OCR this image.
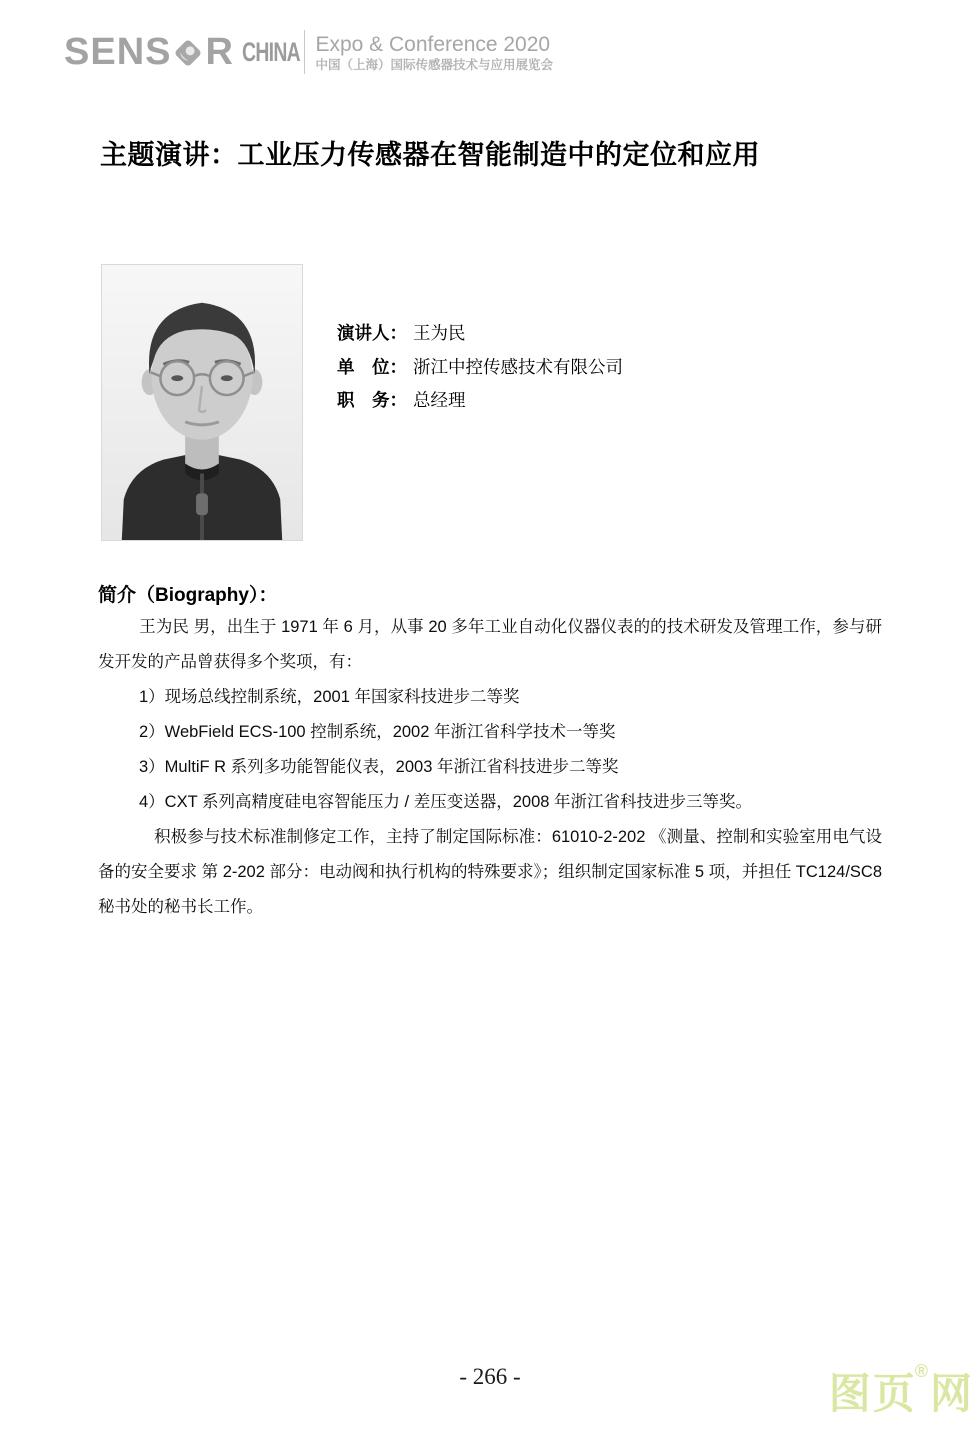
SENS R CHINA Expo & Conference 2020
中国（上海）国际传感器技术与应用展览会
主题演讲：工业压力传感器在智能制造中的定位和应用
演讲人： 王为民
单　位： 浙江中控传感技术有限公司
职　务： 总经理
简介（Biography）：

王为民 男，出生于 1971 年 6 月，从事 20 多年工业自动化仪器仪表的的技术研发及管理工作，参与研发开发的产品曾获得多个奖项，有：

1）现场总线控制系统，2001 年国家科技进步二等奖
2）WebField ECS-100 控制系统，2002 年浙江省科学技术一等奖
3）MultiF R 系列多功能智能仪表，2003 年浙江省科技进步二等奖
4）CXT 系列高精度硅电容智能压力 / 差压变送器，2008 年浙江省科技进步三等奖。

积极参与技术标准制修定工作，主持了制定国际标准：61010-2-202 《测量、控制和实验室用电气设备的安全要求 第 2-202 部分：电动阀和执行机构的特殊要求》；组织制定国家标准 5 项，并担任 TC124/SC8 秘书处的秘书长工作。

- 266 -	图页®网
